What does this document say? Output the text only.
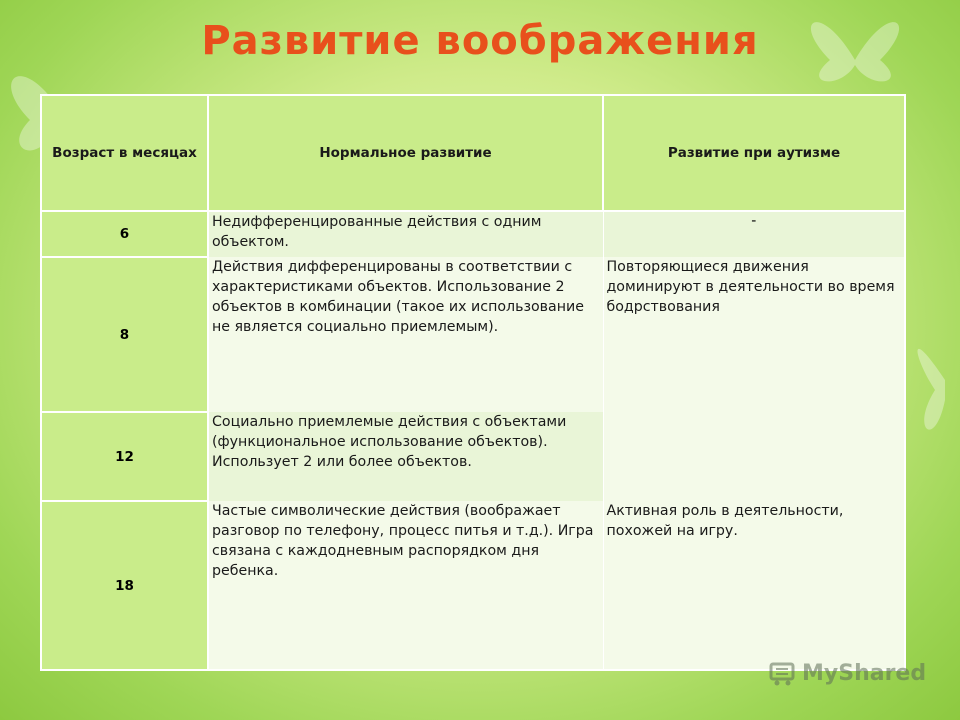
Развитие воображения
Возраст в месяцах	Нормальное развитие	Развитие при аутизме
6	Недифференцированные действия с одним объектом.	-
8	Действия дифференцированы в соответствии с характеристиками объектов. Использование 2 объектов в комбинации (такое их использование не является социально приемлемым).	Повторяющиеся движения доминируют в деятельности во время бодрствования
12	Социально приемлемые действия с объектами (функциональное использование объектов).
Использует 2 или более объектов.	

18	Частые символические действия (воображает разговор по телефону, процесс питья и т.д.). Игра связана с каждодневным распорядком дня ребенка.	Активная роль в деятельности, похожей на игру.
MyShared
